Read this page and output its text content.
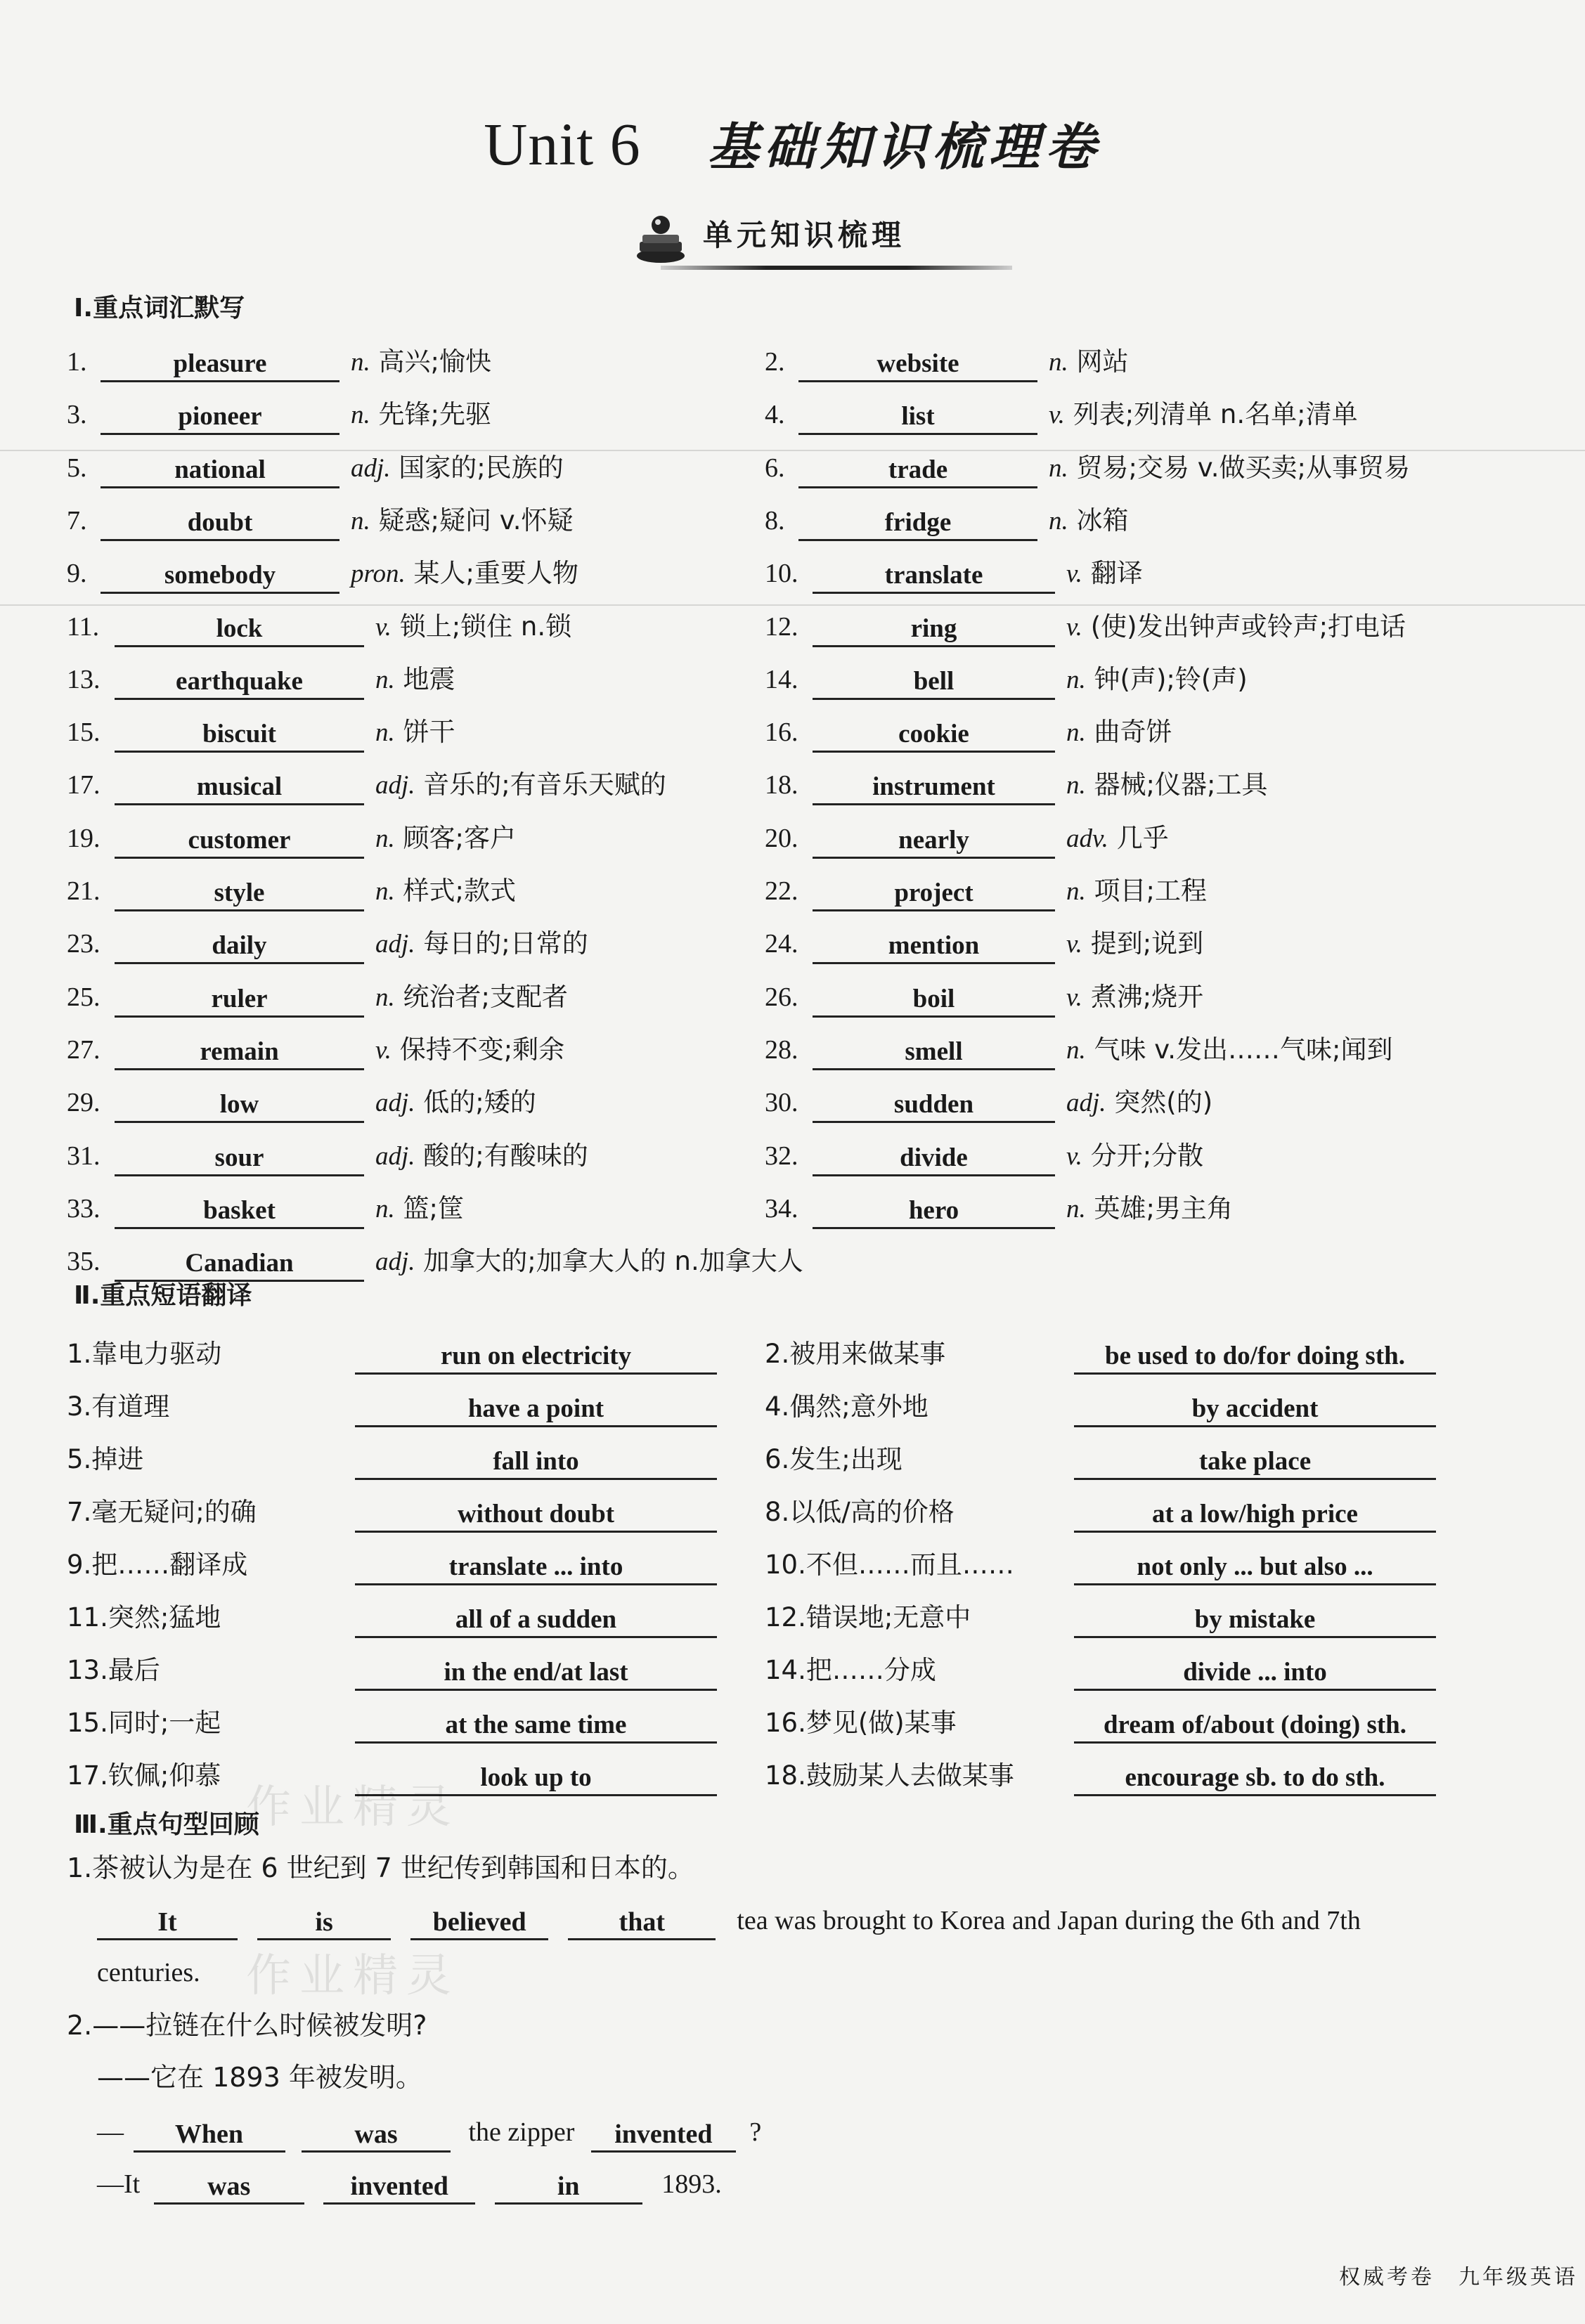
Unit 6 基础知识梳理卷
单元知识梳理
Ⅰ.重点词汇默写
1.	pleasure	n. 高兴;愉快	2.	website	n. 网站
3.	pioneer	n. 先锋;先驱	4.	list	v. 列表;列清单 n.名单;清单
5.	national	adj. 国家的;民族的	6.	trade	n. 贸易;交易 v.做买卖;从事贸易
7.	doubt	n. 疑惑;疑问 v.怀疑	8.	fridge	n. 冰箱
9.	somebody	pron. 某人;重要人物	10.	translate	v. 翻译
11.	lock	v. 锁上;锁住 n.锁	12.	ring	v. (使)发出钟声或铃声;打电话
13.	earthquake	n. 地震	14.	bell	n. 钟(声);铃(声)
15.	biscuit	n. 饼干	16.	cookie	n. 曲奇饼
17.	musical	adj. 音乐的;有音乐天赋的	18.	instrument	n. 器械;仪器;工具
19.	customer	n. 顾客;客户	20.	nearly	adv. 几乎
21.	style	n. 样式;款式	22.	project	n. 项目;工程
23.	daily	adj. 每日的;日常的	24.	mention	v. 提到;说到
25.	ruler	n. 统治者;支配者	26.	boil	v. 煮沸;烧开
27.	remain	v. 保持不变;剩余	28.	smell	n. 气味 v.发出……气味;闻到
29.	low	adj. 低的;矮的	30.	sudden	adj. 突然(的)
31.	sour	adj. 酸的;有酸味的	32.	divide	v. 分开;分散
33.	basket	n. 篮;筐	34.	hero	n. 英雄;男主角
35.	Canadian	adj. 加拿大的;加拿大人的 n.加拿大人
Ⅱ.重点短语翻译
1.靠电力驱动	run on electricity	2.被用来做某事	be used to do/for doing sth.
3.有道理	have a point	4.偶然;意外地	by accident
5.掉进	fall into	6.发生;出现	take place
7.毫无疑问;的确	without doubt	8.以低/高的价格	at a low/high price
9.把……翻译成	translate ... into	10.不但……而且……	not only ... but also ...
11.突然;猛地	all of a sudden	12.错误地;无意中	by mistake
13.最后	in the end/at last	14.把……分成	divide ... into
15.同时;一起	at the same time	16.梦见(做)某事	dream of/about (doing) sth.
17.钦佩;仰慕	look up to	18.鼓励某人去做某事	encourage sb. to do sth.
Ⅲ.重点句型回顾
1.茶被认为是在 6 世纪到 7 世纪传到韩国和日本的。
It	is	believed	that	tea was brought to Korea and Japan during the 6th and 7th
centuries.
2.——拉链在什么时候被发明?
——它在 1893 年被发明。
— When	was	the zipper invented ?
—It	was	invented	in	1893.
作业精灵
作业精灵
权威考卷　九年级英语
